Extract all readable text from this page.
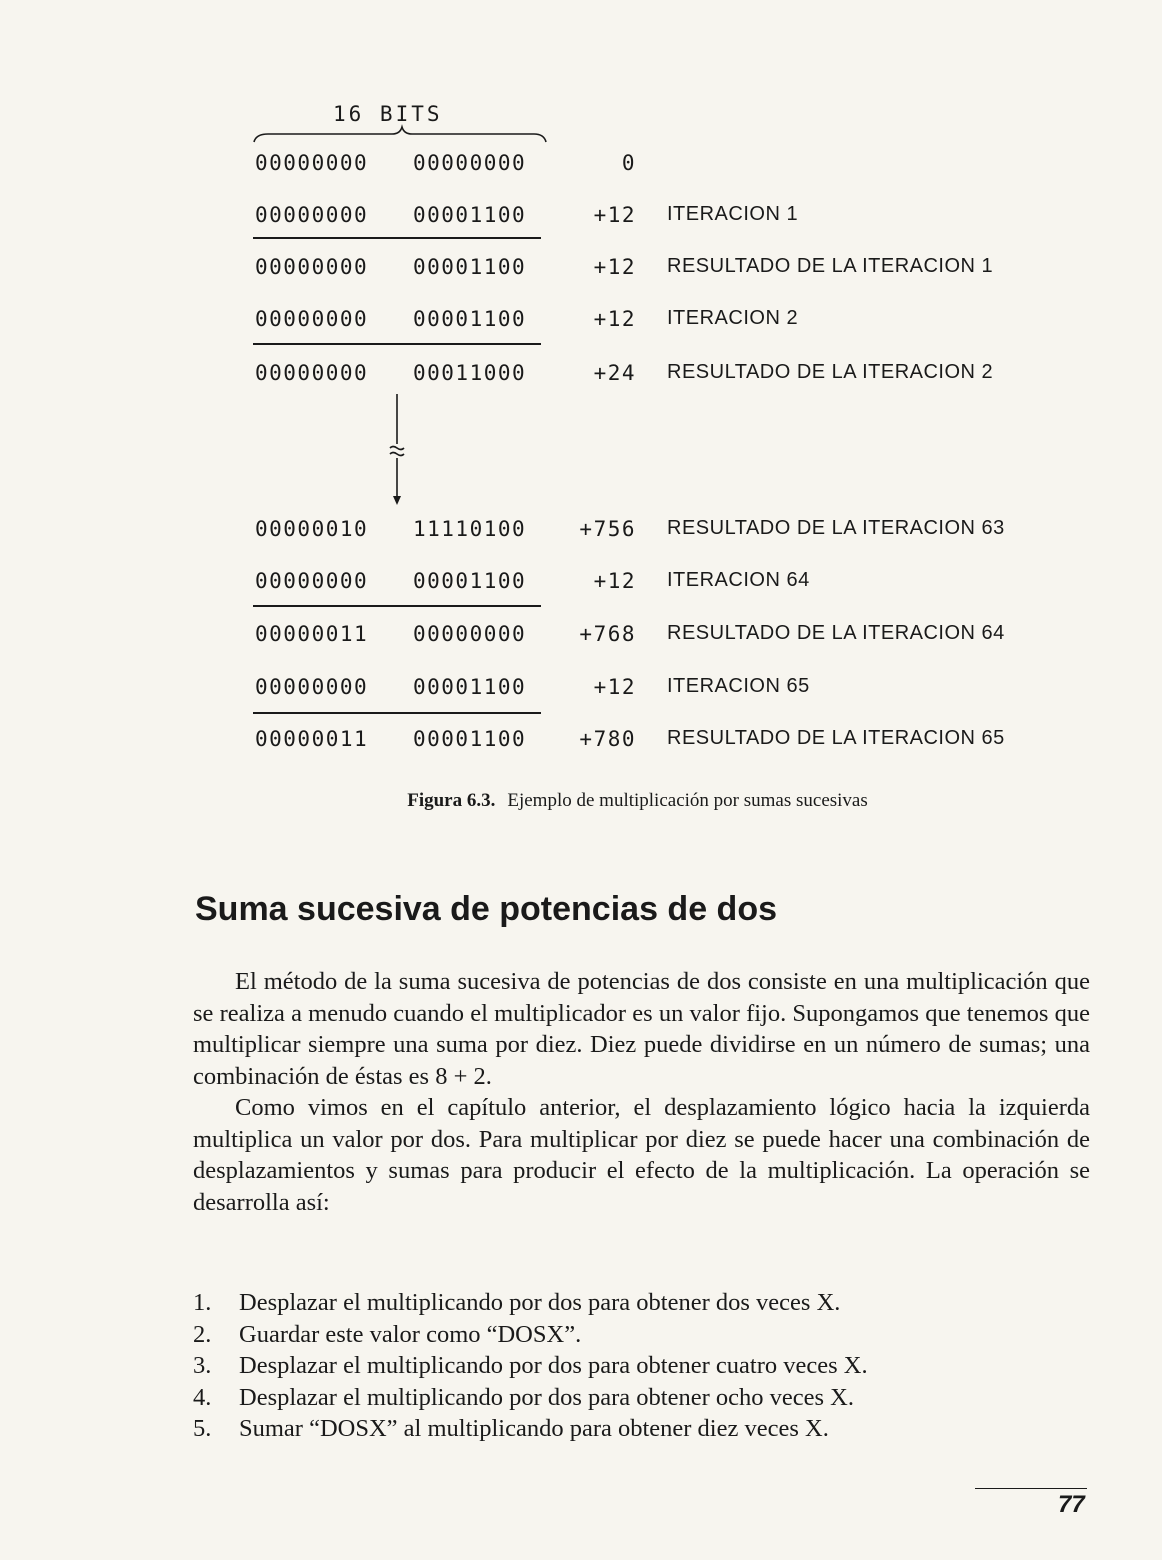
16 BITS
00000000 00000000	0
00000000 00001100	+12 ITERACION 1
00000000 00001100	+12 RESULTADO DE LA ITERACION 1
00000000 00001100	+12 ITERACION 2
00000000 00011000	+24 RESULTADO DE LA ITERACION 2
00000010 11110100	+756 RESULTADO DE LA ITERACION 63
00000000 00001100	+12 ITERACION 64
00000011 00000000	+768 RESULTADO DE LA ITERACION 64
00000000 00001100	+12 ITERACION 65
00000011 00001100	+780 RESULTADO DE LA ITERACION 65
Figura 6.3. Ejemplo de multiplicación por sumas sucesivas
Suma sucesiva de potencias de dos

El método de la suma sucesiva de potencias de dos consiste en una multiplicación que se realiza a menudo cuando el multiplicador es un valor fijo. Supongamos que tenemos que multiplicar siempre una suma por diez. Diez puede dividirse en un número de sumas; una combinación de éstas es 8 + 2.

Como vimos en el capítulo anterior, el desplazamiento lógico hacia la izquierda multiplica un valor por dos. Para multiplicar por diez se puede hacer una combinación de desplazamientos y sumas para producir el efecto de la multiplicación. La operación se desarrolla así:

1. Desplazar el multiplicando por dos para obtener dos veces X.
2. Guardar este valor como “DOSX”.
3. Desplazar el multiplicando por dos para obtener cuatro veces X.
4. Desplazar el multiplicando por dos para obtener ocho veces X.
5. Sumar “DOSX” al multiplicando para obtener diez veces X.
77
